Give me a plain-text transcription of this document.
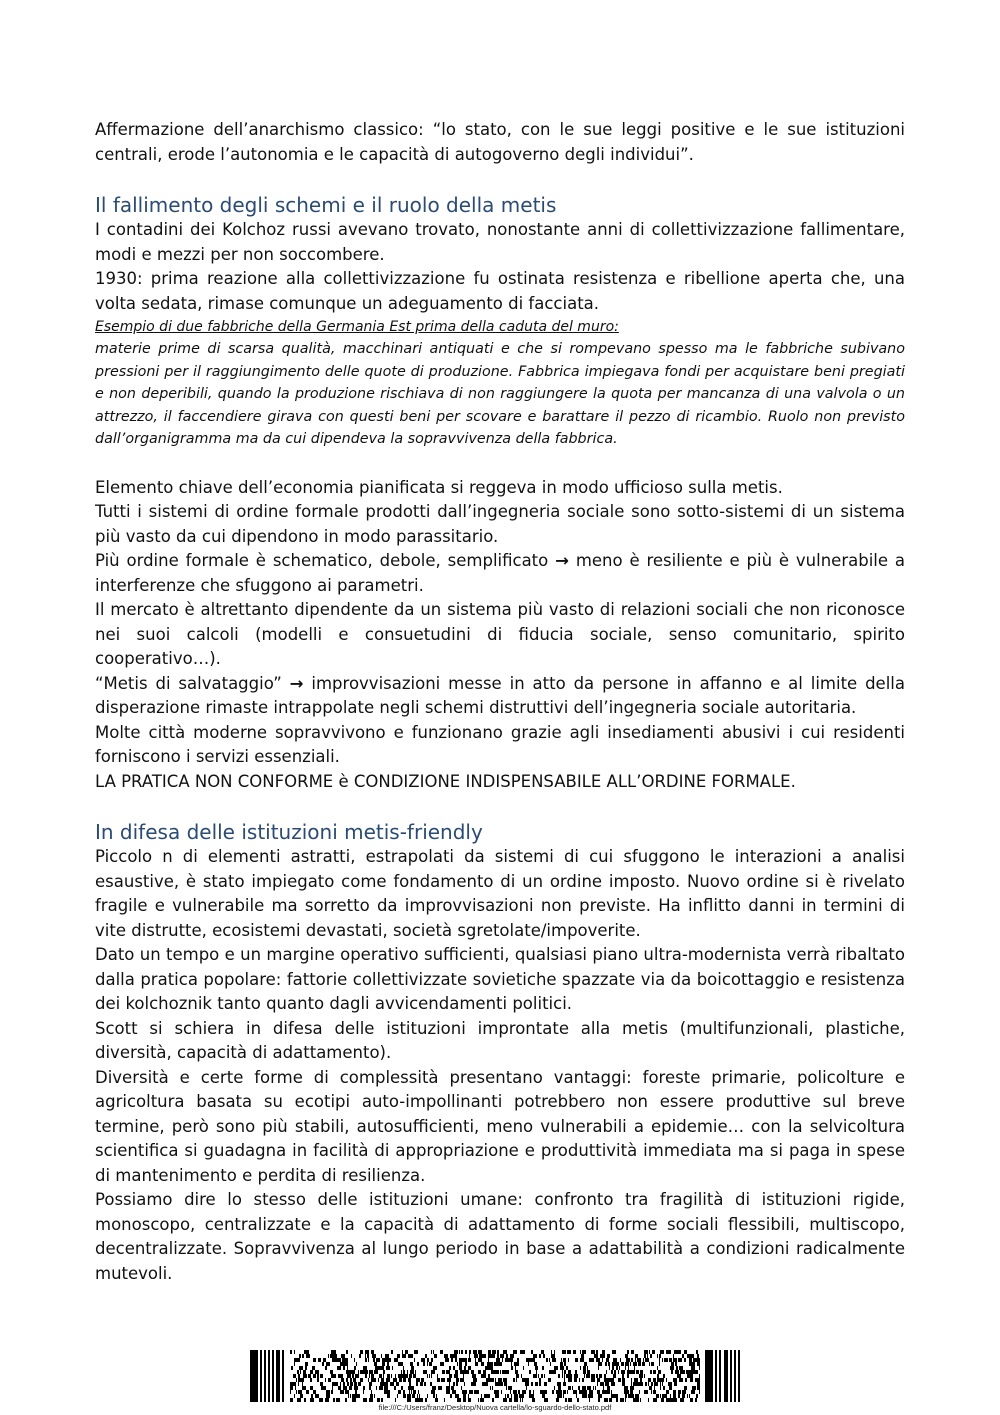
Affermazione dell’anarchismo classico: “lo stato, con le sue leggi positive e le sue istituzioni centrali, erode l’autonomia e le capacità di autogoverno degli individui”.

Il fallimento degli schemi e il ruolo della metis

I contadini dei Kolchoz russi avevano trovato, nonostante anni di collettivizzazione fallimentare, modi e mezzi per non soccombere.

1930: prima reazione alla collettivizzazione fu ostinata resistenza e ribellione aperta che, una volta sedata, rimase comunque un adeguamento di facciata.

Esempio di due fabbriche della Germania Est prima della caduta del muro:

materie prime di scarsa qualità, macchinari antiquati e che si rompevano spesso ma le fabbriche subivano pressioni per il raggiungimento delle quote di produzione. Fabbrica impiegava fondi per acquistare beni pregiati e non deperibili, quando la produzione rischiava di non raggiungere la quota per mancanza di una valvola o un attrezzo, il faccendiere girava con questi beni per scovare e barattare il pezzo di ricambio. Ruolo non previsto dall’organigramma ma da cui dipendeva la sopravvivenza della fabbrica.

Elemento chiave dell’economia pianificata si reggeva in modo ufficioso sulla metis.

Tutti i sistemi di ordine formale prodotti dall’ingegneria sociale sono sotto-sistemi di un sistema più vasto da cui dipendono in modo parassitario.

Più ordine formale è schematico, debole, semplificato → meno è resiliente e più è vulnerabile a interferenze che sfuggono ai parametri.

Il mercato è altrettanto dipendente da un sistema più vasto di relazioni sociali che non riconosce nei suoi calcoli (modelli e consuetudini di fiducia sociale, senso comunitario, spirito cooperativo…).

“Metis di salvataggio” → improvvisazioni messe in atto da persone in affanno e al limite della disperazione rimaste intrappolate negli schemi distruttivi dell’ingegneria sociale autoritaria.

Molte città moderne sopravvivono e funzionano grazie agli insediamenti abusivi i cui residenti forniscono i servizi essenziali.

LA PRATICA NON CONFORME è CONDIZIONE INDISPENSABILE ALL’ORDINE FORMALE.

In difesa delle istituzioni metis-friendly

Piccolo n di elementi astratti, estrapolati da sistemi di cui sfuggono le interazioni a analisi esaustive, è stato impiegato come fondamento di un ordine imposto. Nuovo ordine si è rivelato fragile e vulnerabile ma sorretto da improvvisazioni non previste. Ha inflitto danni in termini di vite distrutte, ecosistemi devastati, società sgretolate/impoverite.

Dato un tempo e un margine operativo sufficienti, qualsiasi piano ultra-modernista verrà ribaltato dalla pratica popolare: fattorie collettivizzate sovietiche spazzate via da boicottaggio e resistenza dei kolchoznik tanto quanto dagli avvicendamenti politici.

Scott si schiera in difesa delle istituzioni improntate alla metis (multifunzionali, plastiche, diversità, capacità di adattamento).

Diversità e certe forme di complessità presentano vantaggi: foreste primarie, policolture e agricoltura basata su ecotipi auto-impollinanti potrebbero non essere produttive sul breve termine, però sono più stabili, autosufficienti, meno vulnerabili a epidemie… con la selvicoltura scientifica si guadagna in facilità di appropriazione e produttività immediata ma si paga in spese di mantenimento e perdita di resilienza.

Possiamo dire lo stesso delle istituzioni umane: confronto tra fragilità di istituzioni rigide, monoscopo, centralizzate e la capacità di adattamento di forme sociali flessibili, multiscopo, decentralizzate. Sopravvivenza al lungo periodo in base a adattabilità a condizioni radicalmente mutevoli.

file:///C:/Users/franz/Desktop/Nuova cartella/lo-sguardo-dello-stato.pdf
